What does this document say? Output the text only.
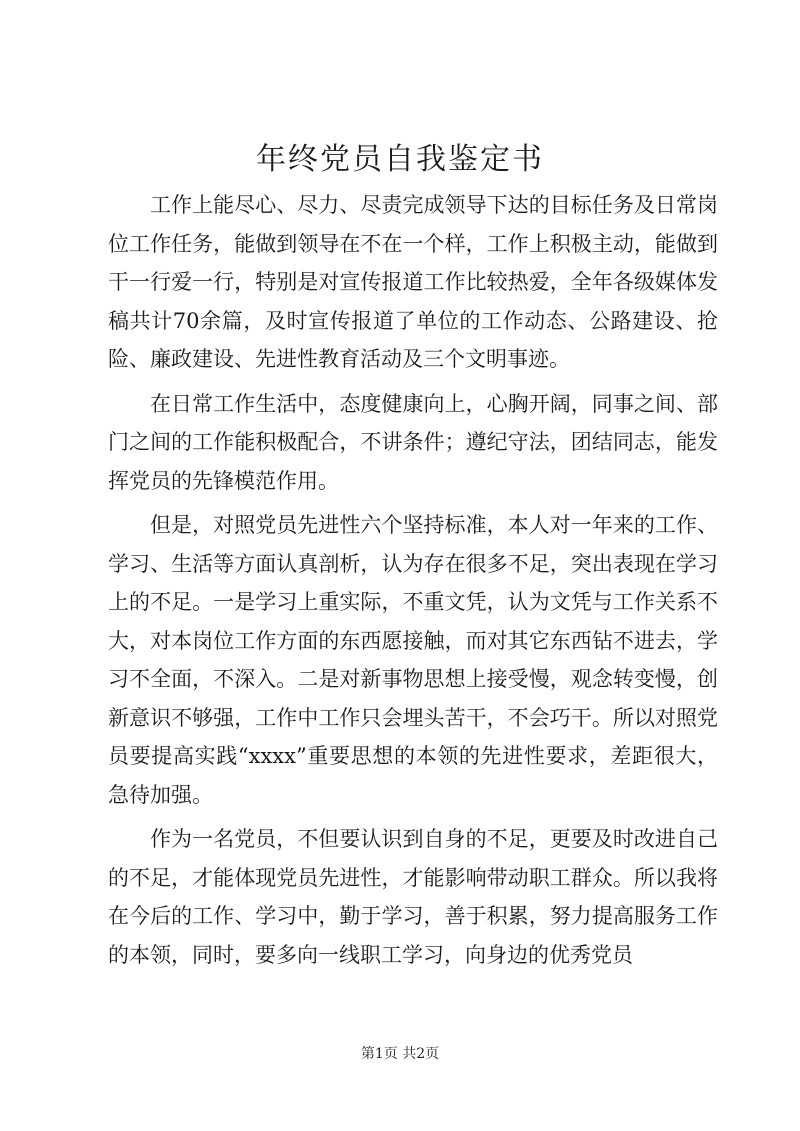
年终党员自我鉴定书

工作上能尽心、尽力、尽责完成领导下达的目标任务及日常岗位工作任务，能做到领导在不在一个样，工作上积极主动，能做到干一行爱一行，特别是对宣传报道工作比较热爱，全年各级媒体发稿共计70余篇，及时宣传报道了单位的工作动态、公路建设、抢险、廉政建设、先进性教育活动及三个文明事迹。

在日常工作生活中，态度健康向上，心胸开阔，同事之间、部门之间的工作能积极配合，不讲条件；遵纪守法，团结同志，能发挥党员的先锋模范作用。

但是，对照党员先进性六个坚持标准，本人对一年来的工作、学习、生活等方面认真剖析，认为存在很多不足，突出表现在学习上的不足。一是学习上重实际，不重文凭，认为文凭与工作关系不大，对本岗位工作方面的东西愿接触，而对其它东西钻不进去，学习不全面，不深入。二是对新事物思想上接受慢，观念转变慢，创新意识不够强，工作中工作只会埋头苦干，不会巧干。所以对照党员要提高实践“xxxx”重要思想的本领的先进性要求，差距很大，急待加强。

作为一名党员，不但要认识到自身的不足，更要及时改进自己的不足，才能体现党员先进性，才能影响带动职工群众。所以我将在今后的工作、学习中，勤于学习，善于积累，努力提高服务工作的本领，同时，要多向一线职工学习，向身边的优秀党员

第1页 共2页
